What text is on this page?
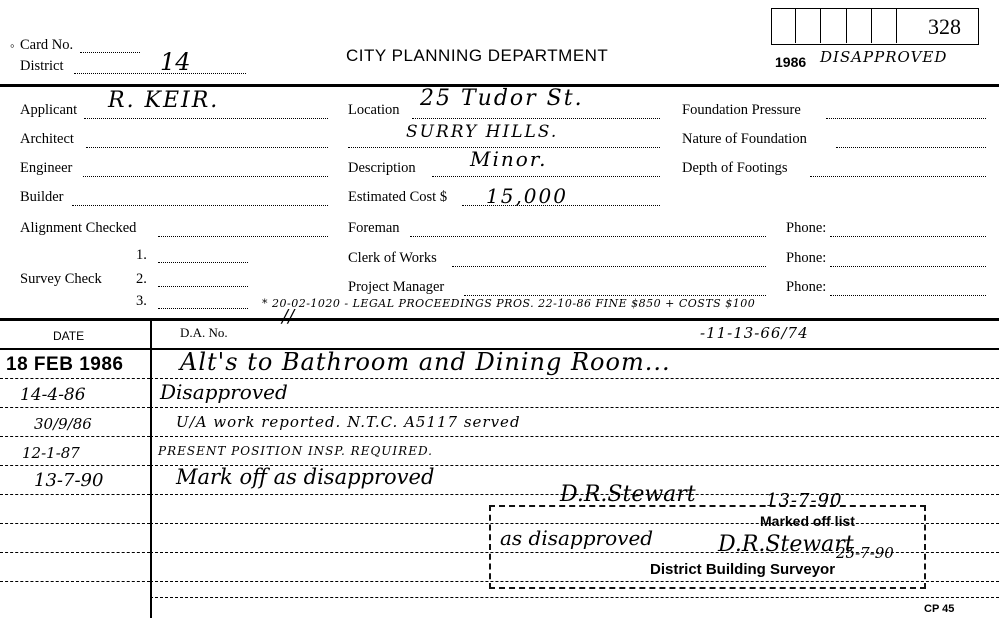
◦ Card No.
District	14	CITY PLANNING DEPARTMENT
328
1986 DISAPPROVED
Applicant R. KEIR.
Architect
Engineer
Builder
Alignment Checked
Survey Check
1.
2.
3.
Location 25 Tudor St.
SURRY HILLS.
Description	Minor.
Estimated Cost $ 15,000
Foreman
Clerk of Works
Project Manager
* 20-02-1020 - LEGAL PROCEEDINGS PROS. 22-10-86 FINE $850 + COSTS $100
Foundation Pressure
Nature of Foundation
Depth of Footings
Phone:
Phone:
Phone:
DATE	D.A. No.
//
-11-13-66/74
18 FEB 1986 Alt's to Bathroom and Dining Room...
14-4-86	Disapproved
30/9/86	U/A work reported. N.T.C. A5117 served
12-1-87	PRESENT POSITION INSP. REQUIRED.
13-7-90	Mark off as disapproved
D.R.Stewart	13-7-90
Marked off list
as disapproved	D.R.Stewart
25-7-90
District Building Surveyor
CP 45
